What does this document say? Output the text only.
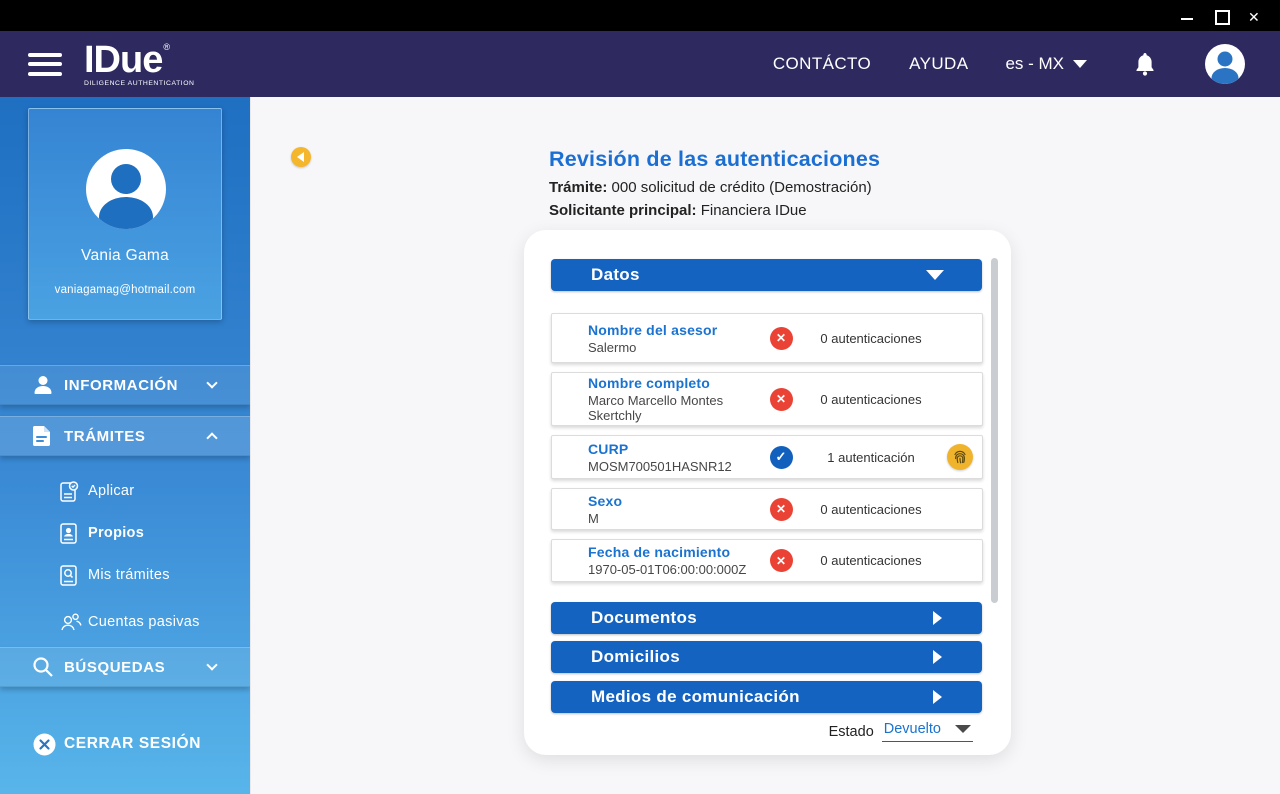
✕
IDue ®
DILIGENCE AUTHENTICATION
CONTÁCTO AYUDA es - MX
Vania Gama
vaniagamag@hotmail.com
INFORMACIÓN
TRÁMITES
Aplicar
Propios
Mis trámites
Cuentas pasivas
BÚSQUEDAS
CERRAR SESIÓN
Revisión de las autenticaciones
Trámite: 000 solicitud de crédito (Demostración)
Solicitante principal: Financiera IDue
Datos
Nombre del asesor
Salermo
✕
0 autenticaciones
Nombre completo
Marco Marcello Montes Skertchly
✕
0 autenticaciones
CURP
MOSM700501HASNR12
✓
1 autenticación
Sexo
M
✕
0 autenticaciones
Fecha de nacimiento
1970-05-01T06:00:00:000Z
✕
0 autenticaciones
Documentos
Domicilios
Medios de comunicación
Estado Devuelto
